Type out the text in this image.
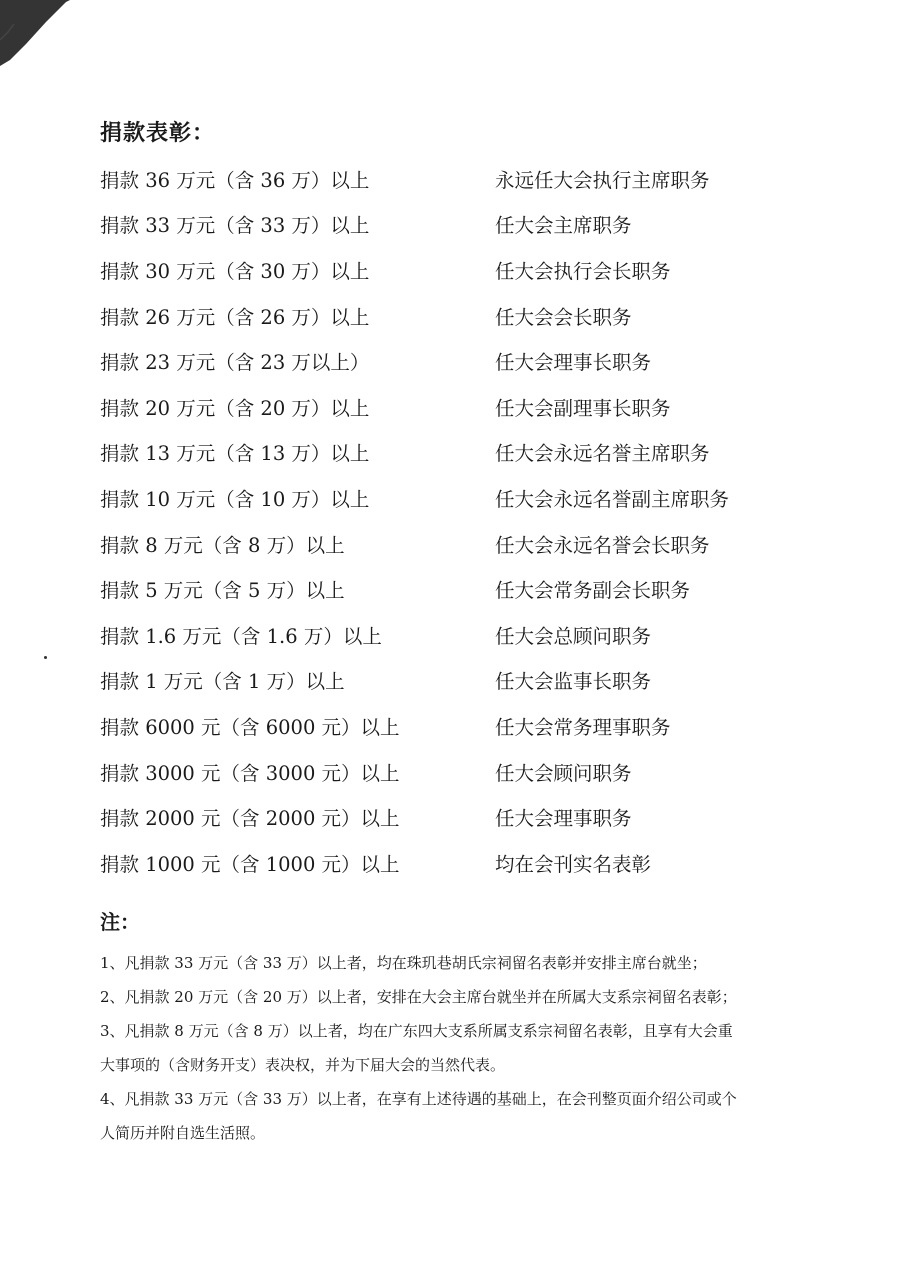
捐款表彰：
捐款 36 万元（含 36 万）以上	永远任大会执行主席职务
捐款 33 万元（含 33 万）以上	任大会主席职务
捐款 30 万元（含 30 万）以上	任大会执行会长职务
捐款 26 万元（含 26 万）以上	任大会会长职务
捐款 23 万元（含 23 万以上）	任大会理事长职务
捐款 20 万元（含 20 万）以上	任大会副理事长职务
捐款 13 万元（含 13 万）以上	任大会永远名誉主席职务
捐款 10 万元（含 10 万）以上	任大会永远名誉副主席职务
捐款 8 万元（含 8 万）以上	任大会永远名誉会长职务
捐款 5 万元（含 5 万）以上	任大会常务副会长职务
捐款 1.6 万元（含 1.6 万）以上	任大会总顾问职务
捐款 1 万元（含 1 万）以上	任大会监事长职务
捐款 6000 元（含 6000 元）以上	任大会常务理事职务
捐款 3000 元（含 3000 元）以上	任大会顾问职务
捐款 2000 元（含 2000 元）以上	任大会理事职务
捐款 1000 元（含 1000 元）以上	均在会刊实名表彰
注：
1、凡捐款 33 万元（含 33 万）以上者，均在珠玑巷胡氏宗祠留名表彰并安排主席台就坐；
2、凡捐款 20 万元（含 20 万）以上者，安排在大会主席台就坐并在所属大支系宗祠留名表彰；
3、凡捐款 8 万元（含 8 万）以上者，均在广东四大支系所属支系宗祠留名表彰，且享有大会重
大事项的（含财务开支）表决权，并为下届大会的当然代表。
4、凡捐款 33 万元（含 33 万）以上者，在享有上述待遇的基础上，在会刊整页面介绍公司或个
人简历并附自选生活照。
